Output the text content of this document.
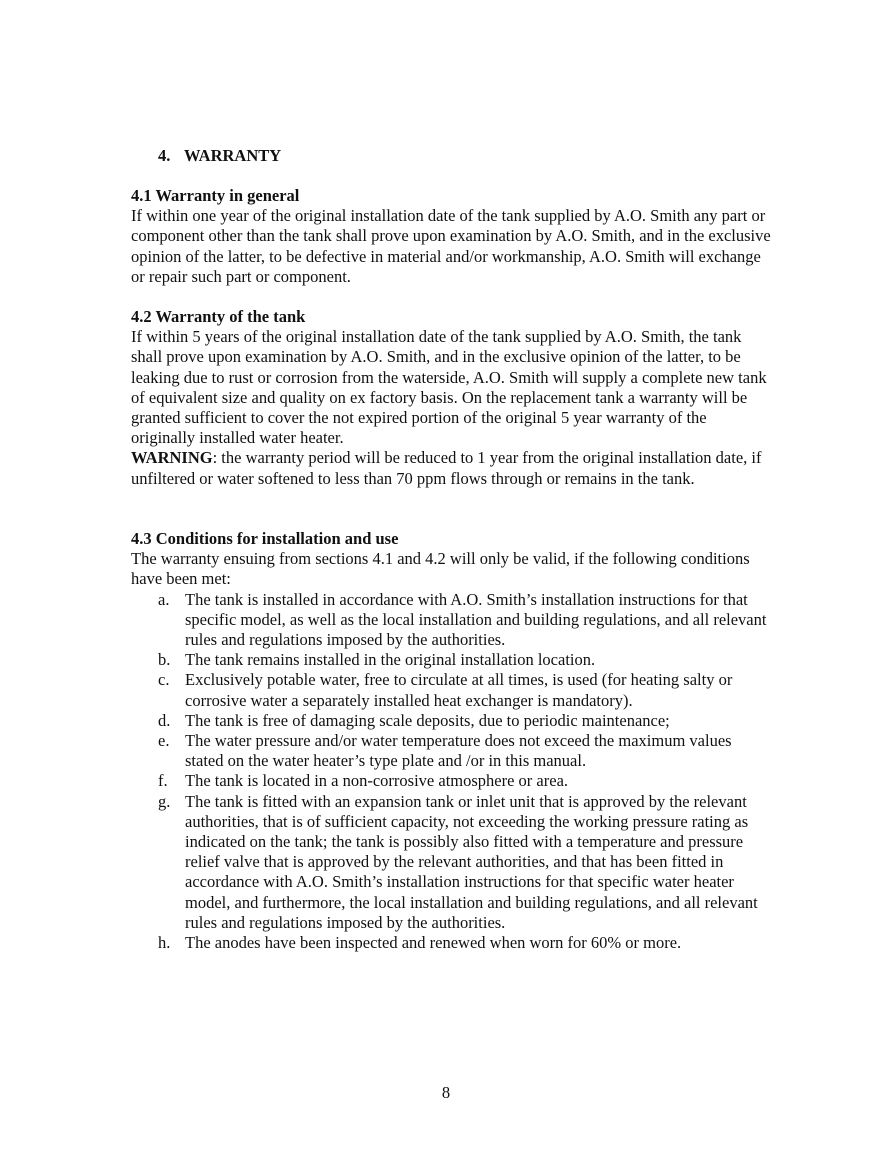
4. WARRANTY
4.1 Warranty in general
If within one year of the original installation date of the tank supplied by A.O. Smith any part or component other than the tank shall prove upon examination by A.O. Smith, and in the exclusive opinion of the latter, to be defective in material and/or workmanship, A.O. Smith will exchange or repair such part or component.
4.2 Warranty of the tank
If within 5 years of the original installation date of the tank supplied by A.O. Smith, the tank shall prove upon examination by A.O. Smith, and in the exclusive opinion of the latter, to be leaking due to rust or corrosion from the waterside, A.O. Smith will supply a complete new tank of equivalent size and quality on ex factory basis. On the replacement tank a warranty will be granted sufficient to cover the not expired portion of the original 5 year warranty of the originally installed water heater.
WARNING: the warranty period will be reduced to 1 year from the original installation date, if unfiltered or water softened to less than 70 ppm flows through or remains in the tank.
4.3 Conditions for installation and use
The warranty ensuing from sections 4.1 and 4.2 will only be valid, if the following conditions have been met:
a. The tank is installed in accordance with A.O. Smith’s installation instructions for that specific model, as well as the local installation and building regulations, and all relevant rules and regulations imposed by the authorities.
b. The tank remains installed in the original installation location.
c. Exclusively potable water, free to circulate at all times, is used (for heating salty or corrosive water a separately installed heat exchanger is mandatory).
d. The tank is free of damaging scale deposits, due to periodic maintenance;
e. The water pressure and/or water temperature does not exceed the maximum values stated on the water heater’s type plate and /or in this manual.
f. The tank is located in a non-corrosive atmosphere or area.
g. The tank is fitted with an expansion tank or inlet unit that is approved by the relevant authorities, that is of sufficient capacity, not exceeding the working pressure rating as indicated on the tank; the tank is possibly also fitted with a temperature and pressure relief valve that is approved by the relevant authorities, and that has been fitted in accordance with A.O. Smith’s installation instructions for that specific water heater model, and furthermore, the local installation and building regulations, and all relevant rules and regulations imposed by the authorities.
h. The anodes have been inspected and renewed when worn for 60% or more.
8
